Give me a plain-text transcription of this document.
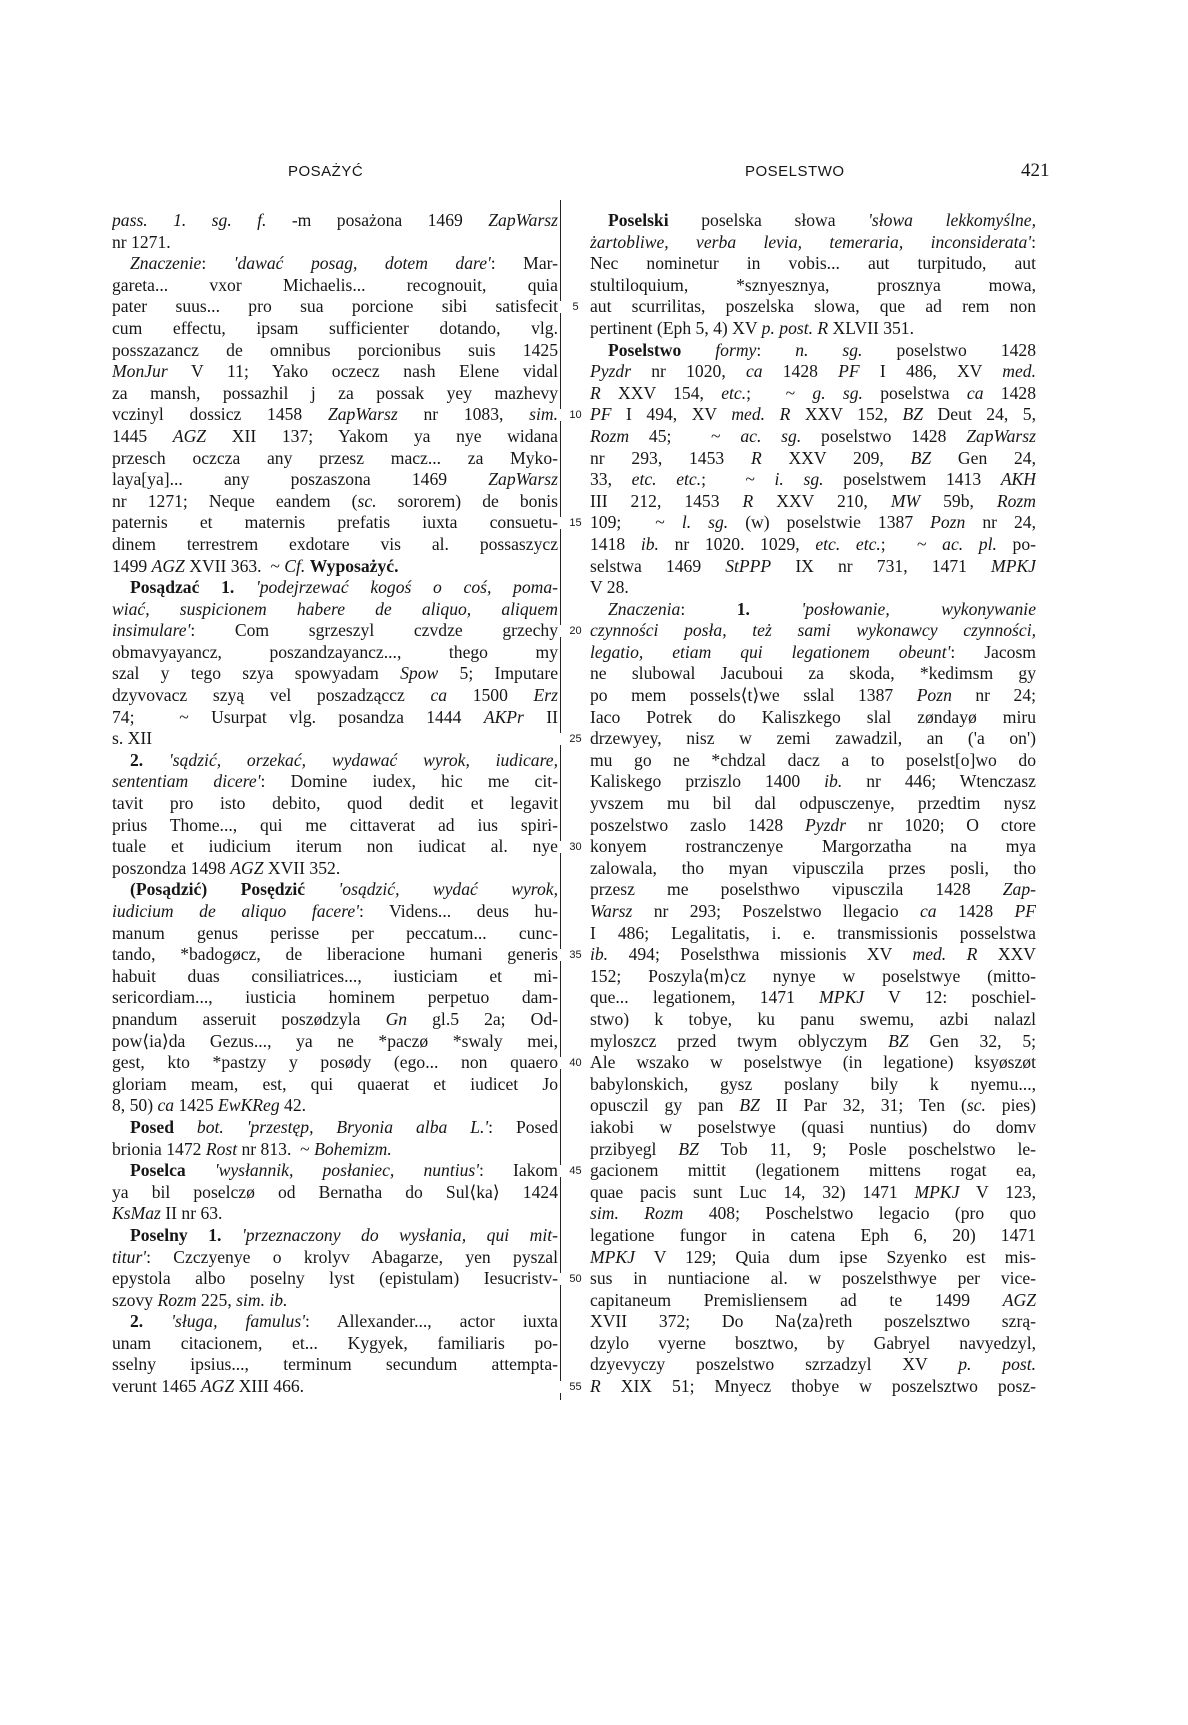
POSAŻYĆ	POSELSTWO	421
5
10
15
20
25
30
35
40
45
50
55
pass. 1. sg. f. -m posażona 1469 ZapWarsz
nr 1271.
Znaczenie: 'dawać posag, dotem dare': Mar-
gareta... vxor Michaelis... recognouit, quia
pater suus... pro sua porcione sibi satisfecit
cum effectu, ipsam sufficienter dotando, vlg.
posszazancz de omnibus porcionibus suis 1425
MonJur V 11; Yako oczecz nash Elene vidal
za mansh, possazhil j za possak yey mazhevy
vczinyl dossicz 1458 ZapWarsz nr 1083, sim.
1445 AGZ XII 137; Yakom ya nye widana
przesch oczcza any przesz macz... za Myko-
laya[ya]... any poszaszona 1469 ZapWarsz
nr 1271; Neque eandem (sc. sororem) de bonis
paternis et maternis prefatis iuxta consuetu-
dinem terrestrem exdotare vis al. possaszycz
1499 AGZ XVII 363.  ~ Cf. Wyposażyć.
Posądzać 1. 'podejrzewać kogoś o coś, poma-
wiać, suspicionem habere de aliquo, aliquem
insimulare': Com sgrzeszyl czvdze grzechy
obmavyayancz, poszandzayancz..., thego my
szal y tego szya spowyadam Spow 5; Imputare
dzyvovacz szyą vel poszadząccz ca 1500 Erz
74;  ~ Usurpat vlg. posandza 1444 AKPr II
s. XII
2. 'sądzić, orzekać, wydawać wyrok, iudicare,
sententiam dicere': Domine iudex, hic me cit-
tavit pro isto debito, quod dedit et legavit
prius Thome..., qui me cittaverat ad ius spiri-
tuale et iudicium iterum non iudicat al. nye
poszondza 1498 AGZ XVII 352.
(Posądzić) Posędzić 'osądzić, wydać wyrok,
iudicium de aliquo facere': Videns... deus hu-
manum genus perisse per peccatum... cunc-
tando, *badogøcz, de liberacione humani generis
habuit duas consiliatrices..., iusticiam et mi-
sericordiam..., iusticia hominem perpetuo dam-
pnandum asseruit poszødzyla Gn gl.5 2a; Od-
pow⟨ia⟩da Gezus..., ya ne *paczø *swaly mei,
gest, kto *pastzy y posødy (ego... non quaero
gloriam meam, est, qui quaerat et iudicet Jo
8, 50) ca 1425 EwKReg 42.
Posed bot. 'przestęp, Bryonia alba L.': Posed
brionia 1472 Rost nr 813.  ~ Bohemizm.
Poselca 'wysłannik, posłaniec, nuntius': Iakom
ya bil poselczø od Bernatha do Sul⟨ka⟩ 1424
KsMaz II nr 63.
Poselny 1. 'przeznaczony do wysłania, qui mit-
titur': Czczyenye o krolyv Abagarze, yen pyszal
epystola albo poselny lyst (epistulam) Iesucristv-
szovy Rozm 225, sim. ib.
2. 'sługa, famulus': Allexander..., actor iuxta
unam citacionem, et... Kygyek, familiaris po-
sselny ipsius..., terminum secundum attempta-
verunt 1465 AGZ XIII 466.
Poselski poselska słowa 'słowa lekkomyślne,
żartobliwe, verba levia, temeraria, inconsiderata':
Nec nominetur in vobis... aut turpitudo, aut
stultiloquium, *sznyesznya, prosznya mowa,
aut scurrilitas, poszelska slowa, que ad rem non
pertinent (Eph 5, 4) XV p. post. R XLVII 351.
Poselstwo formy: n. sg. poselstwo 1428
Pyzdr nr 1020, ca 1428 PF I 486, XV med.
R XXV 154, etc.;  ~ g. sg. poselstwa ca 1428
PF I 494, XV med. R XXV 152, BZ Deut 24, 5,
Rozm 45;  ~ ac. sg. poselstwo 1428 ZapWarsz
nr 293, 1453 R XXV 209, BZ Gen 24,
33, etc. etc.;  ~ i. sg. poselstwem 1413 AKH
III 212, 1453 R XXV 210, MW 59b, Rozm
109;  ~ l. sg. (w) poselstwie 1387 Pozn nr 24,
1418 ib. nr 1020. 1029, etc. etc.;  ~ ac. pl. po-
selstwa 1469 StPPP IX nr 731, 1471 MPKJ
V 28.
Znaczenia: 1.	'posłowanie, wykonywanie
czynności posła, też sami wykonawcy czynności,
legatio, etiam qui legationem obeunt': Jacosm
ne slubowal Jacuboui za skoda, *kedimsm gy
po mem possels⟨t⟩we sslal 1387 Pozn nr 24;
Iaco Potrek do Kaliszkego slal zøndayø miru
drzewyey, nisz w zemi zawadzil, an ('a on')
mu go ne *chdzal dacz a to poselst[o]wo do
Kaliskego prziszlo 1400 ib. nr 446; Wtenczasz
yvszem mu bil dal odpusczenye, przedtim nysz
poszelstwo zaslo 1428 Pyzdr nr 1020; O ctore
konyem rostranczenye Margorzatha na mya
zalowala, tho myan vipusczila przes posli, tho
przesz me poselsthwo vipusczila 1428 Zap-
Warsz nr 293; Poszelstwo llegacio ca 1428 PF
I 486; Legalitatis, i. e. transmissionis posselstwa
ib. 494; Poselsthwa missionis XV med. R XXV
152; Poszyla⟨m⟩cz nynye w poselstwye (mitto-
que... legationem, 1471 MPKJ V 12: poschiel-
stwo) k tobye, ku panu swemu, azbi nalazl
myloszcz przed twym oblyczym BZ Gen 32, 5;
Ale wszako w poselstwye (in legatione) ksyøszøt
babylonskich, gysz poslany bily k nyemu...,
opusczil gy pan BZ II Par 32, 31; Ten (sc. pies)
iakobi w poselstwye (quasi nuntius) do domv
przibyegl BZ Tob 11, 9; Posle poschelstwo le-
gacionem mittit (legationem mittens rogat ea,
quae pacis sunt Luc 14, 32) 1471 MPKJ V 123,
sim. Rozm 408; Poschelstwo legacio (pro quo
legatione fungor in catena Eph 6, 20) 1471
MPKJ V 129; Quia dum ipse Szyenko est mis-
sus in nuntiacione al. w poszelsthwye per vice-
capitaneum Premisliensem ad te 1499 AGZ
XVII 372; Do Na⟨za⟩reth poszelsztwo szrą-
dzylo vyerne bosztwo, by Gabryel navyedzyl,
dzyevyczy poszelstwo szrzadzyl XV p. post.
R XIX 51; Mnyecz thobye w poszelsztwo posz-
